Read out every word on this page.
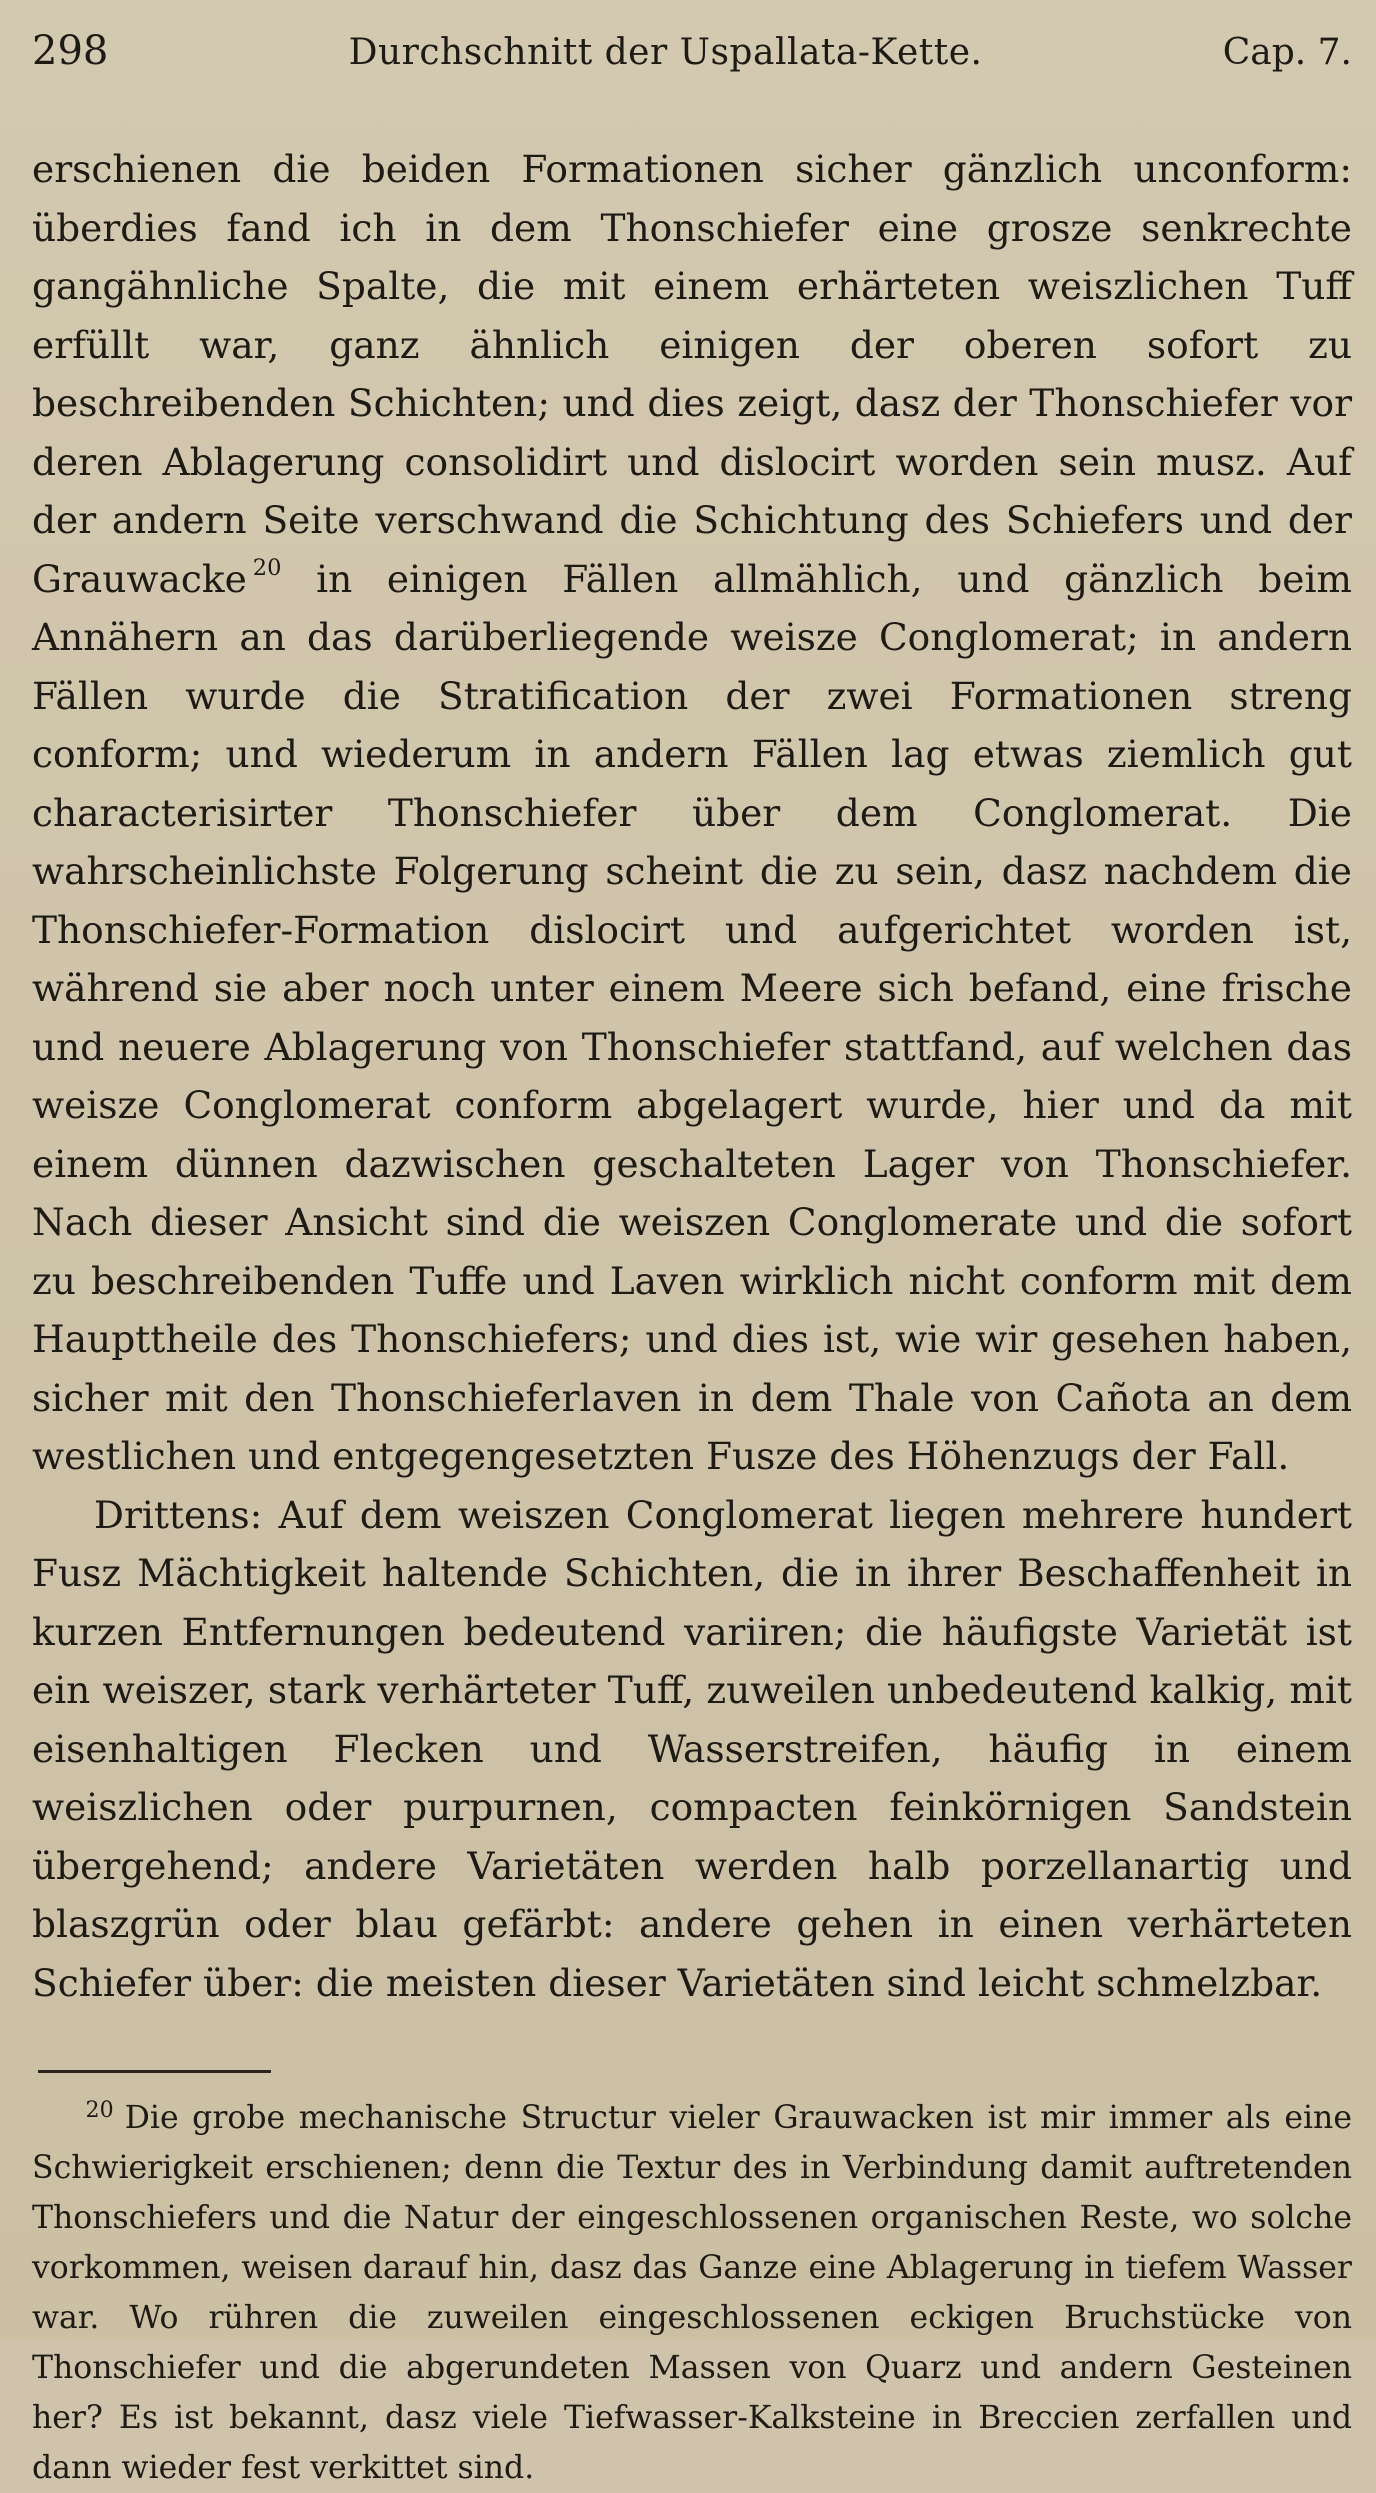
298	Durchschnitt der Uspallata-Kette.	Cap. 7.

erschienen die beiden Formationen sicher gänzlich unconform: überdies fand ich in dem Thonschiefer eine grosze senkrechte gangähnliche Spalte, die mit einem erhärteten weiszlichen Tuff erfüllt war, ganz ähnlich einigen der oberen sofort zu beschreibenden Schichten; und dies zeigt, dasz der Thonschiefer vor deren Ablagerung consolidirt und dislocirt worden sein musz. Auf der andern Seite verschwand die Schichtung des Schiefers und der Grauwacke $^{20}$ in einigen Fällen allmählich, und gänzlich beim Annähern an das darüberliegende weisze Conglomerat; in andern Fällen wurde die Stratification der zwei Formationen streng conform; und wiederum in andern Fällen lag etwas ziemlich gut characterisirter Thonschiefer über dem Conglomerat. Die wahrscheinlichste Folgerung scheint die zu sein, dasz nachdem die Thonschiefer-Formation dislocirt und aufgerichtet worden ist, während sie aber noch unter einem Meere sich befand, eine frische und neuere Ablagerung von Thonschiefer stattfand, auf welchen das weisze Conglomerat conform abgelagert wurde, hier und da mit einem dünnen dazwischen geschalteten Lager von Thonschiefer. Nach dieser Ansicht sind die weiszen Conglomerate und die sofort zu beschreibenden Tuffe und Laven wirklich nicht conform mit dem Haupttheile des Thonschiefers; und dies ist, wie wir gesehen haben, sicher mit den Thonschieferlaven in dem Thale von Cañota an dem westlichen und entgegengesetzten Fusze des Höhenzugs der Fall.

Drittens: Auf dem weiszen Conglomerat liegen mehrere hundert Fusz Mächtigkeit haltende Schichten, die in ihrer Beschaffenheit in kurzen Entfernungen bedeutend variiren; die häufigste Varietät ist ein weiszer, stark verhärteter Tuff, zuweilen unbedeutend kalkig, mit eisenhaltigen Flecken und Wasserstreifen, häufig in einem weiszlichen oder purpurnen, compacten feinkörnigen Sandstein übergehend; andere Varietäten werden halb porzellanartig und blaszgrün oder blau gefärbt: andere gehen in einen verhärteten Schiefer über: die meisten dieser Varietäten sind leicht schmelzbar.

$^{20}$ Die grobe mechanische Structur vieler Grauwacken ist mir immer als eine Schwierigkeit erschienen; denn die Textur des in Verbindung damit auftretenden Thonschiefers und die Natur der eingeschlossenen organischen Reste, wo solche vorkommen, weisen darauf hin, dasz das Ganze eine Ablagerung in tiefem Wasser war. Wo rühren die zuweilen eingeschlossenen eckigen Bruchstücke von Thonschiefer und die abgerundeten Massen von Quarz und andern Gesteinen her? Es ist bekannt, dasz viele Tiefwasser-Kalksteine in Breccien zerfallen und dann wieder fest verkittet sind.
